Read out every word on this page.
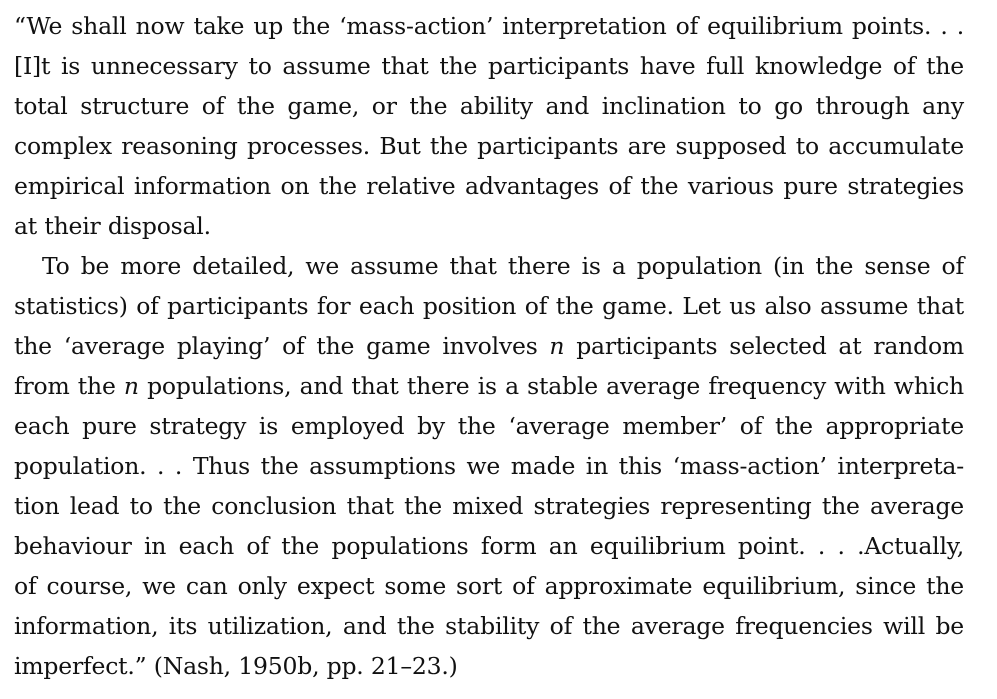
“We shall now take up the ‘mass-action’ interpretation of equilibrium points. . .
[I]t is unnecessary to assume that the participants have full knowledge of the
total structure of the game, or the ability and inclination to go through any
complex reasoning processes. But the participants are supposed to accumulate
empirical information on the relative advantages of the various pure strategies
at their disposal.
To be more detailed, we assume that there is a population (in the sense of
statistics) of participants for each position of the game. Let us also assume that
the ‘average playing’ of the game involves n participants selected at random
from the n populations, and that there is a stable average frequency with which
each pure strategy is employed by the ‘average member’ of the appropriate
population. . . Thus the assumptions we made in this ‘mass-action’ interpreta-
tion lead to the conclusion that the mixed strategies representing the average
behaviour in each of the populations form an equilibrium point. . . .Actually,
of course, we can only expect some sort of approximate equilibrium, since the
information, its utilization, and the stability of the average frequencies will be
imperfect.” (Nash, 1950b, pp. 21–23.)
